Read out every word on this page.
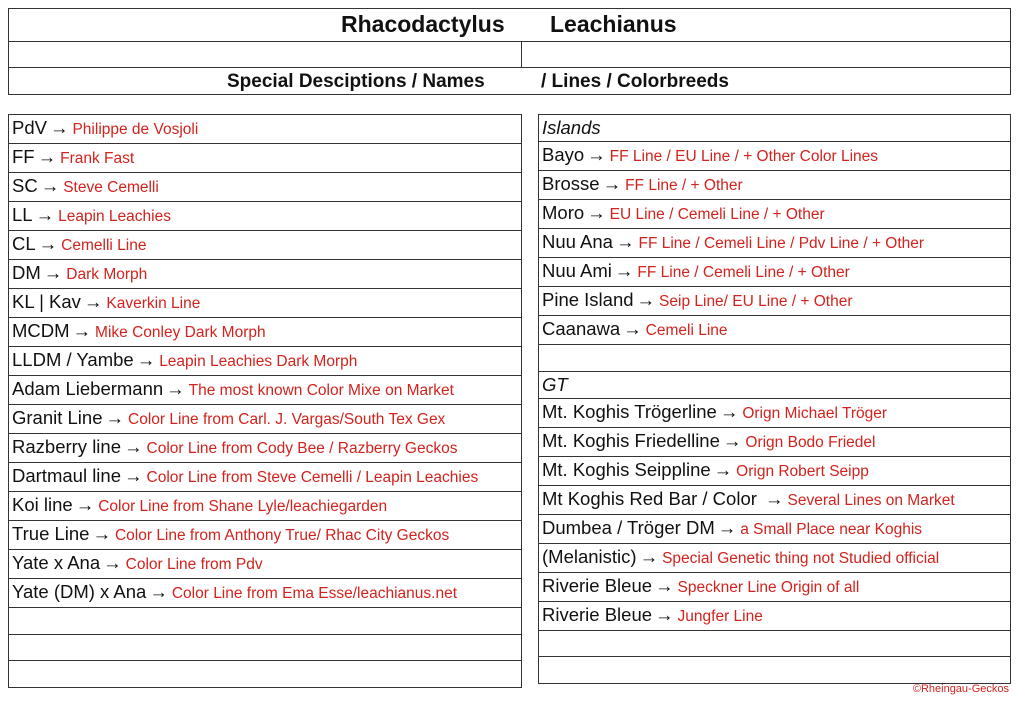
Rhacodactylus Leachianus
Special Desciptions / Names	/ Lines / Colorbreeds
PdV → Philippe de Vosjoli
FF → Frank Fast
SC → Steve Cemelli
LL → Leapin Leachies
CL → Cemelli Line
DM → Dark Morph
KL | Kav → Kaverkin Line
MCDM → Mike Conley Dark Morph
LLDM / Yambe → Leapin Leachies Dark Morph
Adam Liebermann → The most known Color Mixe on Market
Granit Line → Color Line from Carl. J. Vargas/South Tex Gex
Razberry line → Color Line from Cody Bee / Razberry Geckos
Dartmaul line → Color Line from Steve Cemelli / Leapin Leachies
Koi line → Color Line from Shane Lyle/leachiegarden
True Line → Color Line from Anthony True/ Rhac City Geckos
Yate x Ana → Color Line from Pdv
Yate (DM) x Ana → Color Line from Ema Esse/leachianus.net

Islands
Bayo → FF Line / EU Line / + Other Color Lines
Brosse → FF Line / + Other
Moro → EU Line / Cemeli Line / + Other
Nuu Ana → FF Line / Cemeli Line / Pdv Line / + Other
Nuu Ami → FF Line / Cemeli Line / + Other
Pine Island → Seip Line/ EU Line / + Other
Caanawa → Cemeli Line

GT
Mt. Koghis Trögerline → Orign Michael Tröger
Mt. Koghis Friedelline → Orign Bodo Friedel
Mt. Koghis Seippline → Orign Robert Seipp
Mt Koghis Red Bar / Color → Several Lines on Market
Dumbea / Tröger DM → a Small Place near Koghis
(Melanistic) → Special Genetic thing not Studied official
Riverie Bleue → Speckner Line Origin of all
Riverie Bleue → Jungfer Line

©Rheingau-Geckos
